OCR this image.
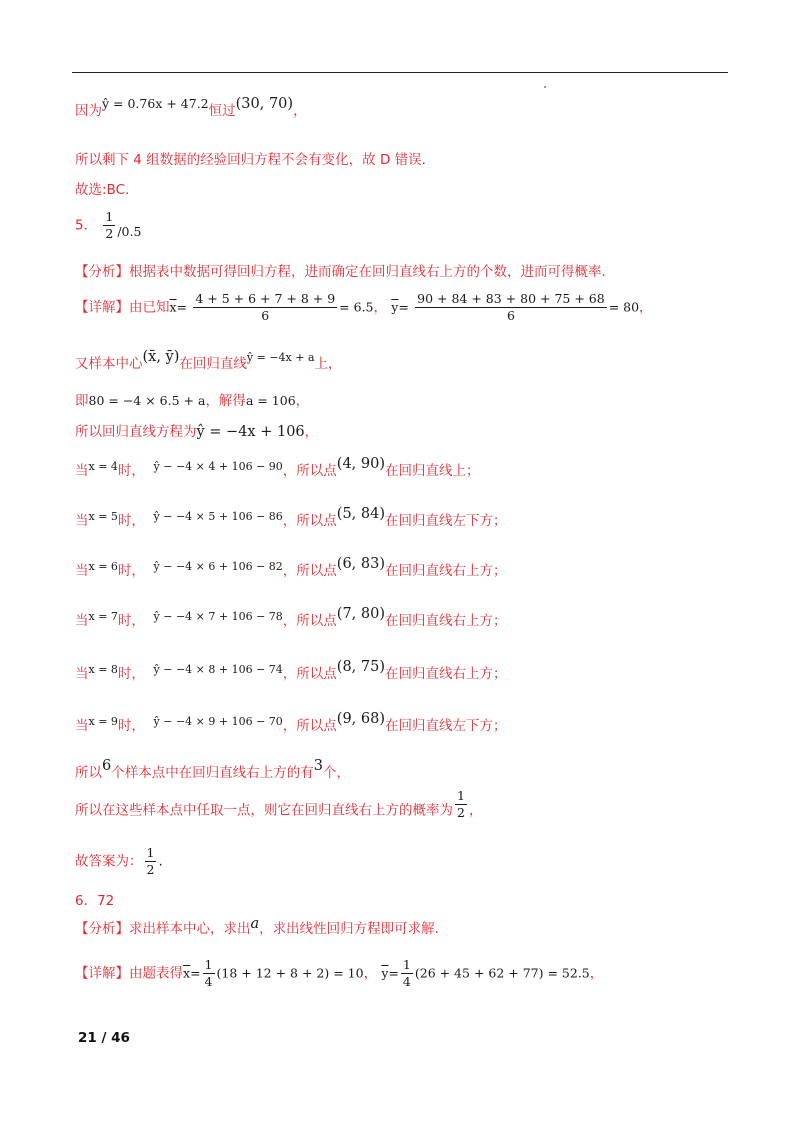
因为ŷ = 0.76x + 47.2恒过(30, 70)，
所以剩下 4 组数据的经验回归方程不会有变化，故 D 错误.
故选:BC.
5． $\frac{1}{2} /0.5$
【分析】根据表中数据可得回归方程，进而确定在回归直线右上方的个数，进而可得概率.
【详解】由已知$\overline{x}= \frac{4 + 5 + 6 + 7 + 8 + 9}{6} = 6.5$， $\overline{y}= \frac{90 + 84 + 83 + 80 + 75 + 68}{6} = 80$，
又样本中心(x̄, ȳ)在回归直线$^{ŷ = -4x + a}$上，
即80 = −4 × 6.5 + a，解得a = 106，
所以回归直线方程为ŷ = −4x + 106，
当$^{x = 4}$时， $^{ŷ - -4 \times 4 + 106 - 90}$，所以点(4, 90)在回归直线上；
当$^{x = 5}$时， $^{ŷ - -4 \times 5 + 106 - 86}$，所以点(5, 84)在回归直线左下方；
当$^{x = 6}$时， $^{ŷ - -4 \times 6 + 106 - 82}$，所以点(6, 83)在回归直线右上方；
当$^{x = 7}$时， $^{ŷ - -4 \times 7 + 106 - 78}$，所以点(7, 80)在回归直线右上方；
当$^{x = 8}$时， $^{ŷ - -4 \times 8 + 106 - 74}$，所以点(8, 75)在回归直线右上方；
当$^{x = 9}$时， $^{ŷ - -4 \times 9 + 106 - 70}$，所以点(9, 68)在回归直线左下方；
所以6个样本点中在回归直线右上方的有3个，
所以在这些样本点中任取一点，则它在回归直线右上方的概率为 $\frac{1}{2}$ ，
故答案为： $\frac{1}{2}$ .
6．72
【分析】求出样本中心，求出a，求出线性回归方程即可求解.
【详解】由题表得$\overline{x}= \frac{1}{4} (18 + 12 + 8 + 2) = 10$， $\overline{y}= \frac{1}{4} (26 + 45 + 62 + 77) = 52.5$，
21 / 46
